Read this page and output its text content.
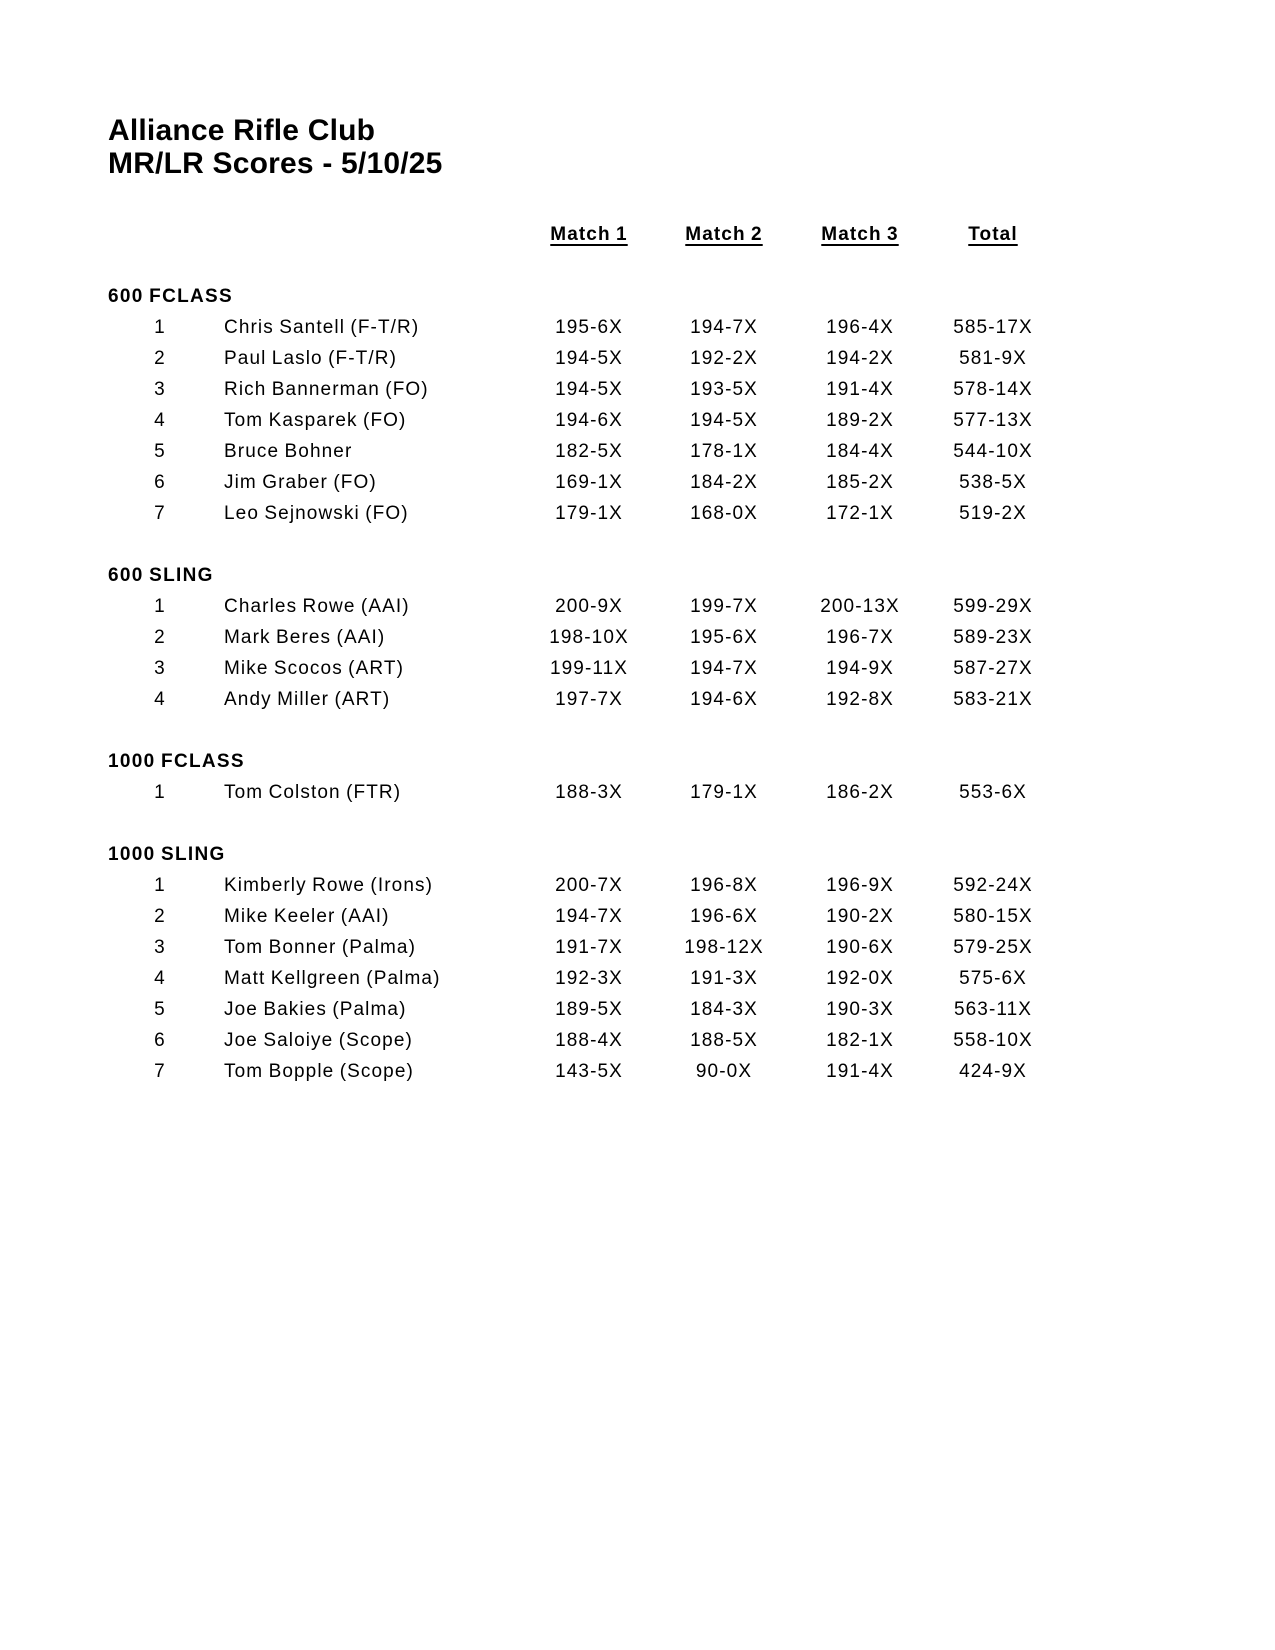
Alliance Rifle Club
MR/LR Scores - 5/10/25
Match 1	Match 2	Match 3	Total
600 FCLASS
1	Chris Santell (F-T/R)	195-6X	194-7X	196-4X	585-17X
2	Paul Laslo (F-T/R)	194-5X	192-2X	194-2X	581-9X
3	Rich Bannerman (FO)	194-5X	193-5X	191-4X	578-14X
4	Tom Kasparek (FO)	194-6X	194-5X	189-2X	577-13X
5	Bruce Bohner	182-5X	178-1X	184-4X	544-10X
6	Jim Graber (FO)	169-1X	184-2X	185-2X	538-5X
7	Leo Sejnowski (FO)	179-1X	168-0X	172-1X	519-2X
600 SLING
1	Charles Rowe (AAI)	200-9X	199-7X	200-13X	599-29X
2	Mark Beres (AAI)	198-10X	195-6X	196-7X	589-23X
3	Mike Scocos (ART)	199-11X	194-7X	194-9X	587-27X
4	Andy Miller (ART)	197-7X	194-6X	192-8X	583-21X
1000 FCLASS
1	Tom Colston (FTR)	188-3X	179-1X	186-2X	553-6X
1000 SLING
1	Kimberly Rowe (Irons)	200-7X	196-8X	196-9X	592-24X
2	Mike Keeler (AAI)	194-7X	196-6X	190-2X	580-15X
3	Tom Bonner (Palma)	191-7X	198-12X	190-6X	579-25X
4	Matt Kellgreen (Palma)	192-3X	191-3X	192-0X	575-6X
5	Joe Bakies (Palma)	189-5X	184-3X	190-3X	563-11X
6	Joe Saloiye (Scope)	188-4X	188-5X	182-1X	558-10X
7	Tom Bopple (Scope)	143-5X	90-0X	191-4X	424-9X
